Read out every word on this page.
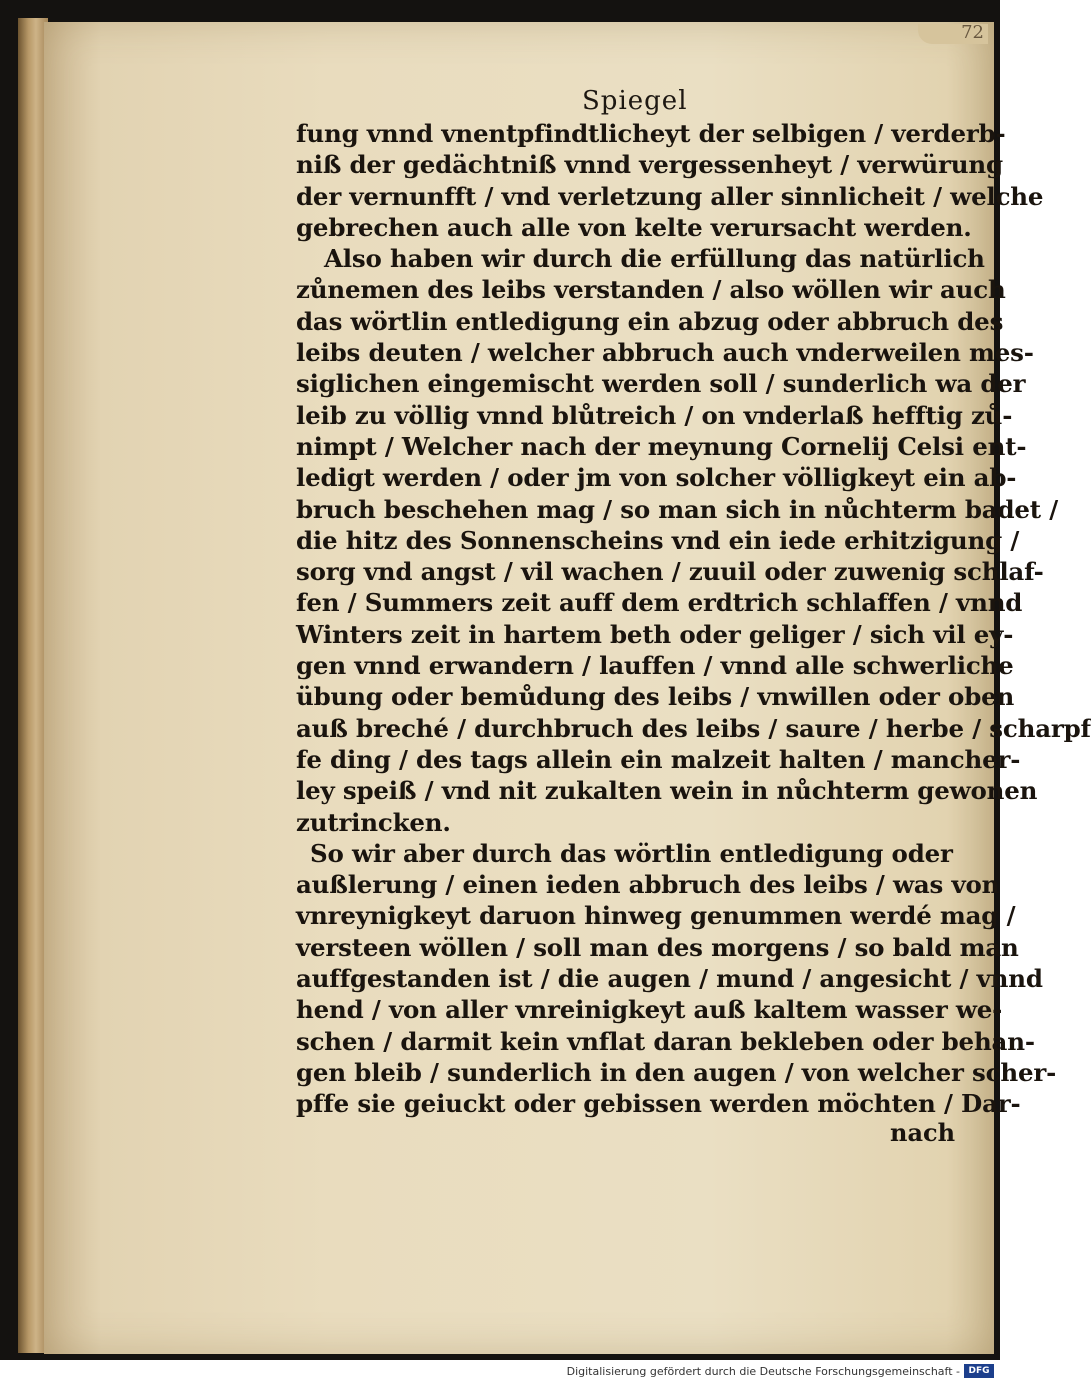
72
Spiegel
fung vnnd vnentpfindtlicheyt der selbigen / verderb-
niß der gedächtniß vnnd vergessenheyt / verwürung
der vernunfft / vnd verletzung aller sinnlicheit / welche
gebrechen auch alle von kelte verursacht werden.
Also haben wir durch die erfüllung das natürlich
zůnemen des leibs verstanden / also wöllen wir auch
das wörtlin entledigung ein abzug oder abbruch des
leibs deuten / welcher abbruch auch vnderweilen mes-
siglichen eingemischt werden soll / sunderlich wa der
leib zu völlig vnnd blůtreich / on vnderlaß hefftig zů-
nimpt / Welcher nach der meynung Cornelij Celsi ent-
ledigt werden / oder jm von solcher völligkeyt ein ab-
bruch beschehen mag / so man sich in nůchterm badet /
die hitz des Sonnenscheins vnd ein iede erhitzigung /
sorg vnd angst / vil wachen / zuuil oder zuwenig schlaf-
fen / Summers zeit auff dem erdtrich schlaffen / vnnd
Winters zeit in hartem beth oder geliger / sich vil ey-
gen vnnd erwandern / lauffen / vnnd alle schwerliche
übung oder bemůdung des leibs / vnwillen oder oben
auß breché / durchbruch des leibs / saure / herbe / scharpf
fe ding / des tags allein ein malzeit halten / mancher-
ley speiß / vnd nit zukalten wein in nůchterm gewonen
zutrincken.
So wir aber durch das wörtlin entledigung oder
außlerung / einen ieden abbruch des leibs / was von
vnreynigkeyt daruon hinweg genummen werdé mag /
versteen wöllen / soll man des morgens / so bald man
auffgestanden ist / die augen / mund / angesicht / vnnd
hend / von aller vnreinigkeyt auß kaltem wasser we-
schen / darmit kein vnflat daran bekleben oder behan-
gen bleib / sunderlich in den augen / von welcher scher-
pffe sie geiuckt oder gebissen werden möchten / Dar-
nach
Digitalisierung gefördert durch die Deutsche Forschungsgemeinschaft - DFG
